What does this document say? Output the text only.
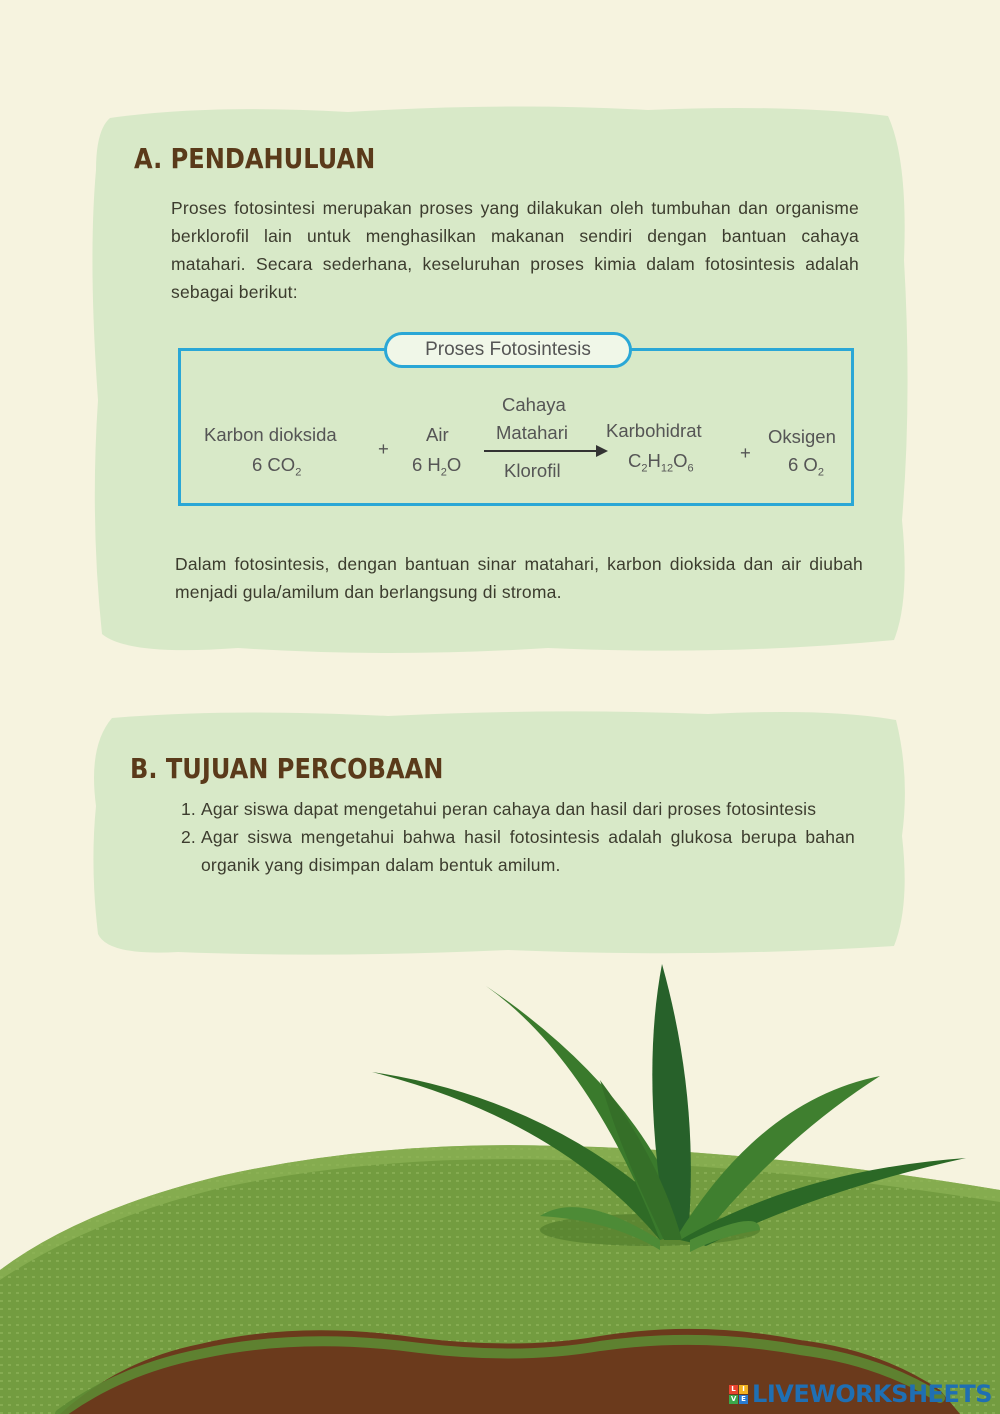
A. PENDAHULUAN
Proses fotosintesi merupakan proses yang dilakukan oleh tumbuhan dan organisme berklorofil lain untuk menghasilkan makanan sendiri dengan bantuan cahaya matahari. Secara sederhana, keseluruhan proses kimia dalam fotosintesis adalah sebagai berikut:
Proses Fotosintesis
Karbon dioksida
6 $CO_2$
+
Air
6 $H_2O$
Cahaya
Matahari
Klorofil
Karbohidrat
$C_2H_{12}O_6$
+
Oksigen
6 $O_2$
Dalam fotosintesis, dengan bantuan sinar matahari, karbon dioksida dan air diubah menjadi gula/amilum dan berlangsung di stroma.
B. TUJUAN PERCOBAAN
1. Agar siswa dapat mengetahui peran cahaya dan hasil dari proses fotosintesis
2. Agar siswa mengetahui bahwa hasil fotosintesis adalah glukosa berupa bahan organik yang disimpan dalam bentuk amilum.
L I
V E LIVEWORKSHEETS
